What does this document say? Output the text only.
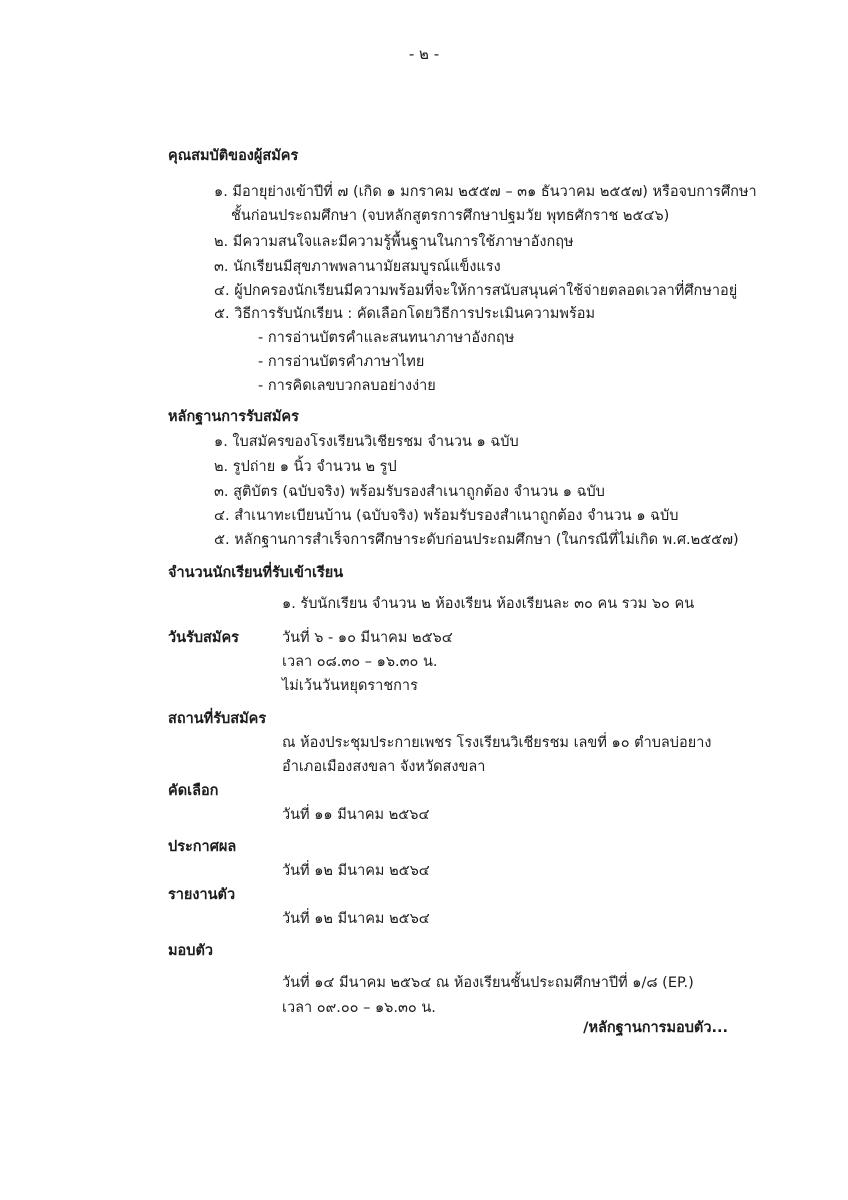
- ๒ -
คุณสมบัติของผู้สมัคร
๑. มีอายุย่างเข้าปีที่ ๗ (เกิด ๑ มกราคม ๒๕๕๗ – ๓๑ ธันวาคม ๒๕๕๗) หรือจบการศึกษา
ชั้นก่อนประถมศึกษา (จบหลักสูตรการศึกษาปฐมวัย พุทธศักราช ๒๕๔๖)
๒. มีความสนใจและมีความรู้พื้นฐานในการใช้ภาษาอังกฤษ
๓. นักเรียนมีสุขภาพพลานามัยสมบูรณ์แข็งแรง
๔. ผู้ปกครองนักเรียนมีความพร้อมที่จะให้การสนับสนุนค่าใช้จ่ายตลอดเวลาที่ศึกษาอยู่
๕. วิธีการรับนักเรียน : คัดเลือกโดยวิธีการประเมินความพร้อม
- การอ่านบัตรคำและสนทนาภาษาอังกฤษ
- การอ่านบัตรคำภาษาไทย
- การคิดเลขบวกลบอย่างง่าย
หลักฐานการรับสมัคร
๑. ใบสมัครของโรงเรียนวิเชียรชม จำนวน ๑ ฉบับ
๒. รูปถ่าย ๑ นิ้ว จำนวน ๒ รูป
๓. สูติบัตร (ฉบับจริง) พร้อมรับรองสำเนาถูกต้อง จำนวน ๑ ฉบับ
๔. สำเนาทะเบียนบ้าน (ฉบับจริง) พร้อมรับรองสำเนาถูกต้อง จำนวน ๑ ฉบับ
๕. หลักฐานการสำเร็จการศึกษาระดับก่อนประถมศึกษา (ในกรณีที่ไม่เกิด พ.ศ.๒๕๕๗)
จำนวนนักเรียนที่รับเข้าเรียน
๑. รับนักเรียน จำนวน ๒ ห้องเรียน ห้องเรียนละ ๓๐ คน รวม ๖๐ คน
วันรับสมัคร	วันที่ ๖ - ๑๐ มีนาคม ๒๕๖๔
เวลา ๐๘.๓๐ – ๑๖.๓๐ น.
ไม่เว้นวันหยุดราชการ
สถานที่รับสมัคร
ณ ห้องประชุมประกายเพชร โรงเรียนวิเชียรชม เลขที่ ๑๐ ตำบลบ่อยาง
อำเภอเมืองสงขลา จังหวัดสงขลา
คัดเลือก
วันที่ ๑๑ มีนาคม ๒๕๖๔
ประกาศผล
วันที่ ๑๒ มีนาคม ๒๕๖๔
รายงานตัว
วันที่ ๑๒ มีนาคม ๒๕๖๔
มอบตัว
วันที่ ๑๔ มีนาคม ๒๕๖๔ ณ ห้องเรียนชั้นประถมศึกษาปีที่ ๑/๘ (EP.)
เวลา ๐๙.๐๐ – ๑๖.๓๐ น.
/หลักฐานการมอบตัว...
